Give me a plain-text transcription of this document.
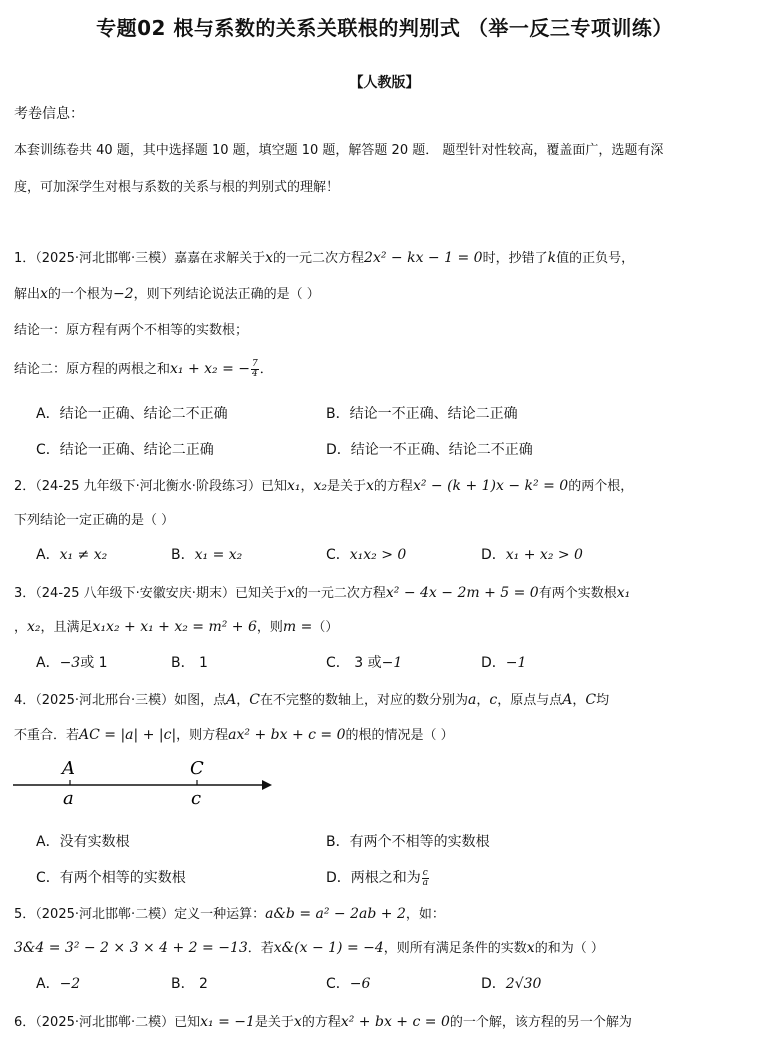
专题02 根与系数的关系关联根的判别式 （举一反三专项训练）
【人教版】
考卷信息：
本套训练卷共 40 题，其中选择题 10 题，填空题 10 题，解答题 20 题． 题型针对性较高，覆盖面广，选题有深
度，可加深学生对根与系数的关系与根的判别式的理解！
1．（2025·河北邯郸·三模）嘉嘉在求解关于x的一元二次方程2x² − kx − 1 = 0时，抄错了k值的正负号，
解出x的一个根为−2，则下列结论说法正确的是（ ）
结论一：原方程有两个不相等的实数根；
结论二：原方程的两根之和x₁ + x₂ = − $\frac{7}{4}$ ．
A．结论一正确、结论二不正确	B．结论一不正确、结论二正确
C．结论一正确、结论二正确	D．结论一不正确、结论二不正确
2．（24-25 九年级下·河北衡水·阶段练习）已知x₁，x₂是关于x的方程x² − (k + 1)x − k² = 0的两个根，
下列结论一定正确的是（ ）
A．x₁ ≠ x₂	B．x₁ = x₂	C．x₁x₂ > 0	D．x₁ + x₂ > 0
3．（24-25 八年级下·安徽安庆·期末）已知关于x的一元二次方程x² − 4x − 2m + 5 = 0有两个实数根x₁
，x₂，且满足x₁x₂ + x₁ + x₂ = m² + 6，则m =（）
A．−3或 1	B． 1	C． 3 或−1	D．−1
4．（2025·河北邢台·三模）如图，点A，C在不完整的数轴上，对应的数分别为a，c，原点与点A，C均
不重合．若AC = |a| + |c|，则方程ax² + bx + c = 0的根的情况是（ ）
A	C
a	c
A．没有实数根	B．有两个不相等的实数根
C．有两个相等的实数根	D．两根之和为 $\frac{c}{a}$
5．（2025·河北邯郸·二模）定义一种运算：a&b = a² − 2ab + 2，如：
3&4 = 3² − 2 × 3 × 4 + 2 = −13．若x&(x − 1) = −4，则所有满足条件的实数x的和为（ ）
A．−2	B． 2	C．−6	D．2√30
6．（2025·河北邯郸·二模）已知x₁ = −1是关于x的方程x² + bx + c = 0的一个解，该方程的另一个解为
